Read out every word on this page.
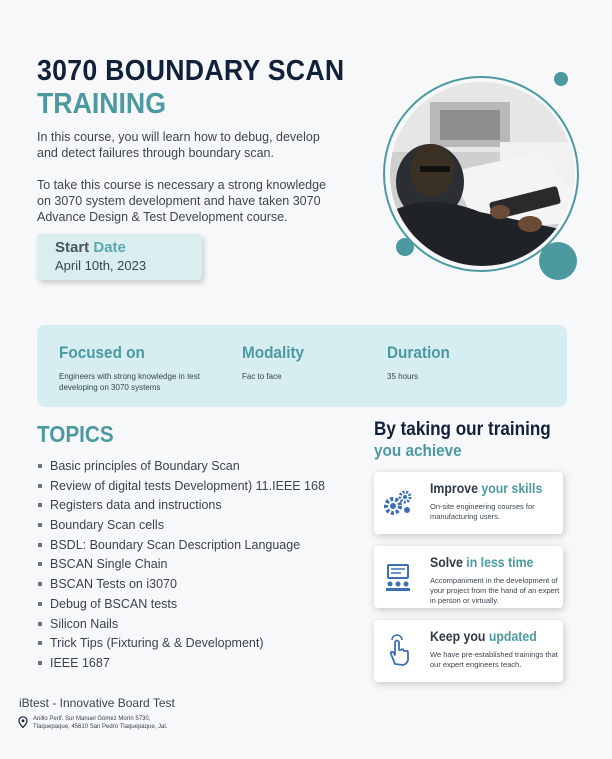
3070 BOUNDARY SCAN
TRAINING

In this course, you will learn how to debug, develop and detect failures through boundary scan.

To take this course is necessary a strong knowledge on 3070 system development and have taken 3070 Advance Design & Test Development course.

Start Date
April 10th, 2023
Focused on
Engineers with strong knowledge in test developing on 3070 systems
Modality
Fac to face
Duration
35 hours
TOPICS
Basic principles of Boundary Scan
Review of digital tests Development) 11.IEEE 168
Registers data and instructions
Boundary Scan cells
BSDL: Boundary Scan Description Language
BSCAN Single Chain
BSCAN Tests on i3070
Debug of BSCAN tests
Silicon Nails
Trick Tips (Fixturing & & Development)
IEEE 1687
By taking our training
you achieve
Improve your skills
On-site engineering courses for manufacturing users.
Solve in less time
Accompaniment in the development of your project from the hand of an expert in person or virtually.
Keep you updated
We have pre-established trainings that our expert engineers teach.
iBtest - Innovative Board Test
Anillo Perif. Sur Manuel Gómez Morín 5730,
Tlaquepaque, 45610 San Pedro Tlaquepaque, Jal.
